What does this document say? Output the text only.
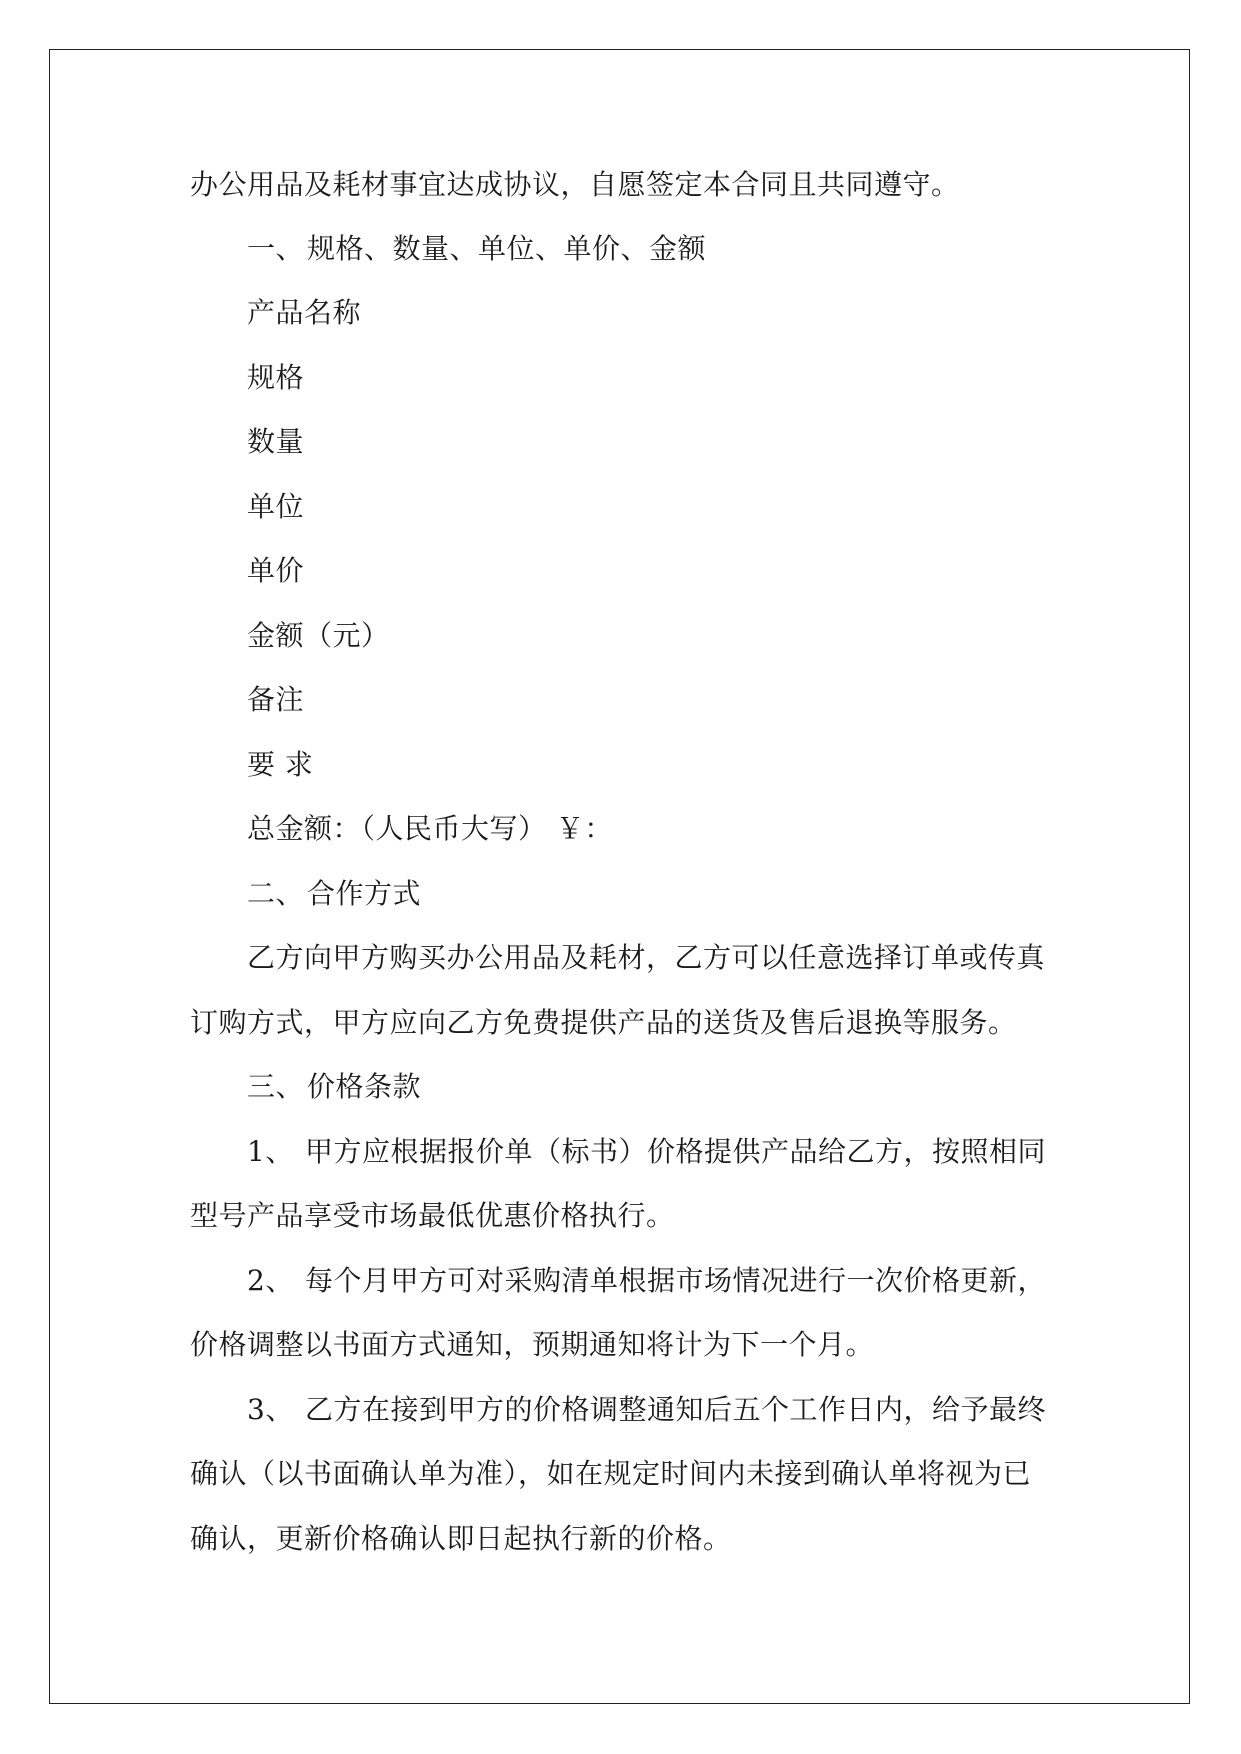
办公用品及耗材事宜达成协议，自愿签定本合同且共同遵守。
一、 规格、数量、单位、单价、金额
产品名称
规格
数量
单位
单价
金额（元）
备注
要 求
总金额：（人民币大写） ￥：
二、 合作方式
乙方向甲方购买办公用品及耗材，乙方可以任意选择订单或传真
订购方式，甲方应向乙方免费提供产品的送货及售后退换等服务。
三、 价格条款
1、 甲方应根据报价单（标书）价格提供产品给乙方，按照相同
型号产品享受市场最低优惠价格执行。
2、 每个月甲方可对采购清单根据市场情况进行一次价格更新，
价格调整以书面方式通知，预期通知将计为下一个月。
3、 乙方在接到甲方的价格调整通知后五个工作日内，给予最终
确认（以书面确认单为准），如在规定时间内未接到确认单将视为已
确认，更新价格确认即日起执行新的价格。
